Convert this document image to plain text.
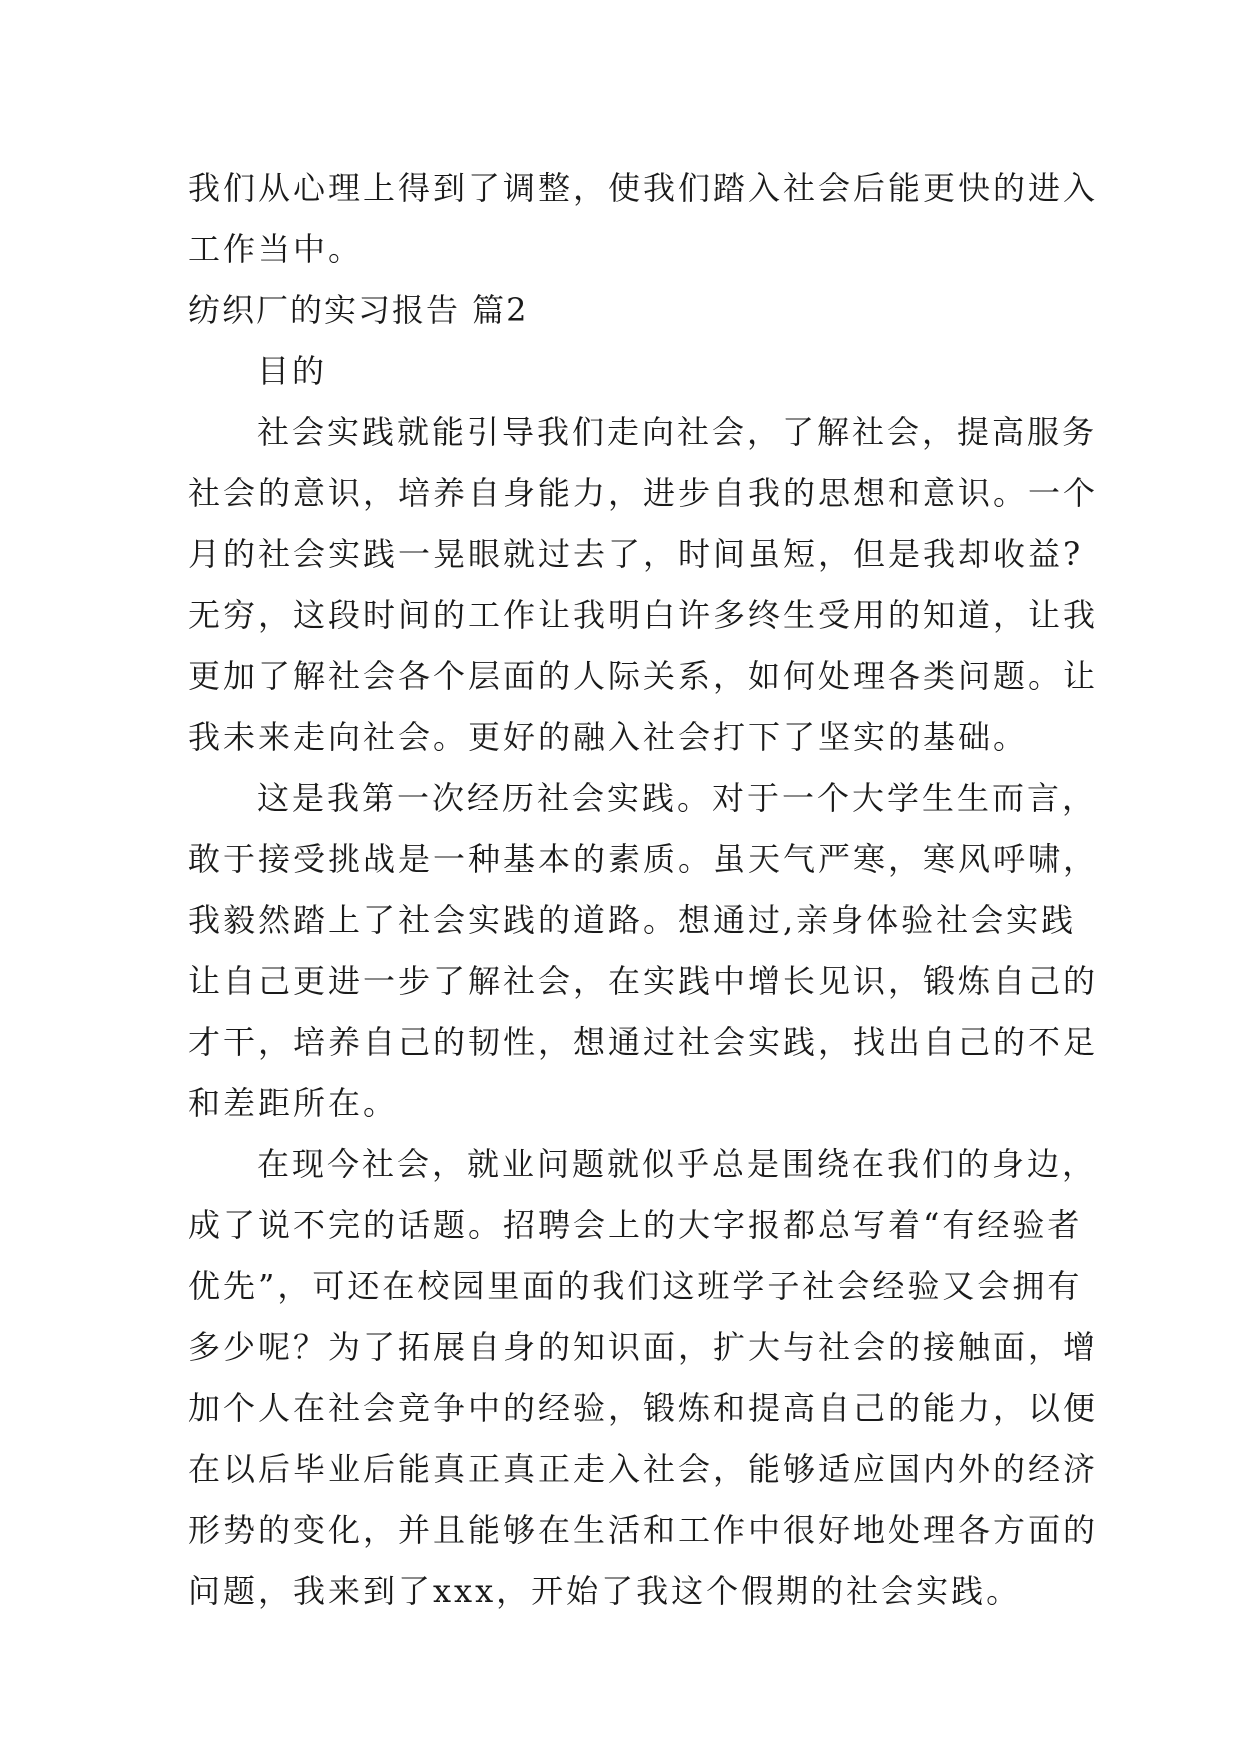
我们从心理上得到了调整，使我们踏入社会后能更快的进入
工作当中。
纺织厂的实习报告 篇2
目的
社会实践就能引导我们走向社会，了解社会，提高服务
社会的意识，培养自身能力，进步自我的思想和意识。一个
月的社会实践一晃眼就过去了，时间虽短，但是我却收益?
无穷，这段时间的工作让我明白许多终生受用的知道，让我
更加了解社会各个层面的人际关系，如何处理各类问题。让
我未来走向社会。更好的融入社会打下了坚实的基础。
这是我第一次经历社会实践。对于一个大学生生而言，
敢于接受挑战是一种基本的素质。虽天气严寒，寒风呼啸，
我毅然踏上了社会实践的道路。想通过,亲身体验社会实践
让自己更进一步了解社会，在实践中增长见识，锻炼自己的
才干，培养自己的韧性，想通过社会实践，找出自己的不足
和差距所在。
在现今社会，就业问题就似乎总是围绕在我们的身边，
成了说不完的话题。招聘会上的大字报都总写着“有经验者
优先”，可还在校园里面的我们这班学子社会经验又会拥有
多少呢？为了拓展自身的知识面，扩大与社会的接触面，增
加个人在社会竞争中的经验，锻炼和提高自己的能力，以便
在以后毕业后能真正真正走入社会，能够适应国内外的经济
形势的变化，并且能够在生活和工作中很好地处理各方面的
问题，我来到了xxx，开始了我这个假期的社会实践。
